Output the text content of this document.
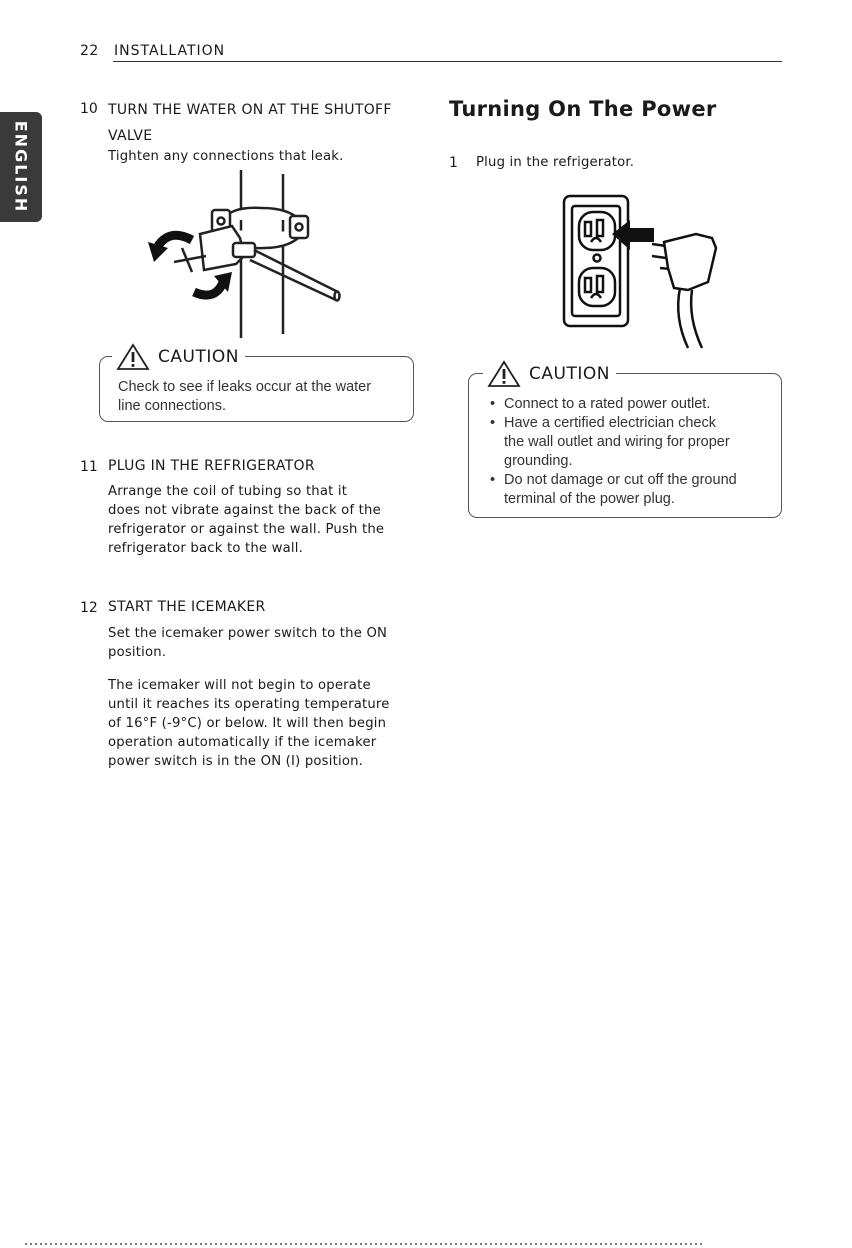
22 INSTALLATION
ENGLISH
10 TURN THE WATER ON AT THE SHUTOFF
VALVE
Tighten any connections that leak.
CAUTION
Check to see if leaks occur at the water
line connections.
11 PLUG IN THE REFRIGERATOR
Arrange the coil of tubing so that it
does not vibrate against the back of the
refrigerator or against the wall. Push the
refrigerator back to the wall.
12 START THE ICEMAKER
Set the icemaker power switch to the ON
position.
The icemaker will not begin to operate
until it reaches its operating temperature
of 16°F (-9°C) or below. It will then begin
operation automatically if the icemaker
power switch is in the ON (I) position.
Turning On The Power
1 Plug in the refrigerator.
CAUTION
• Connect to a rated power outlet.
• Have a certified electrician check
the wall outlet and wiring for proper
grounding.
• Do not damage or cut off the ground
terminal of the power plug.
